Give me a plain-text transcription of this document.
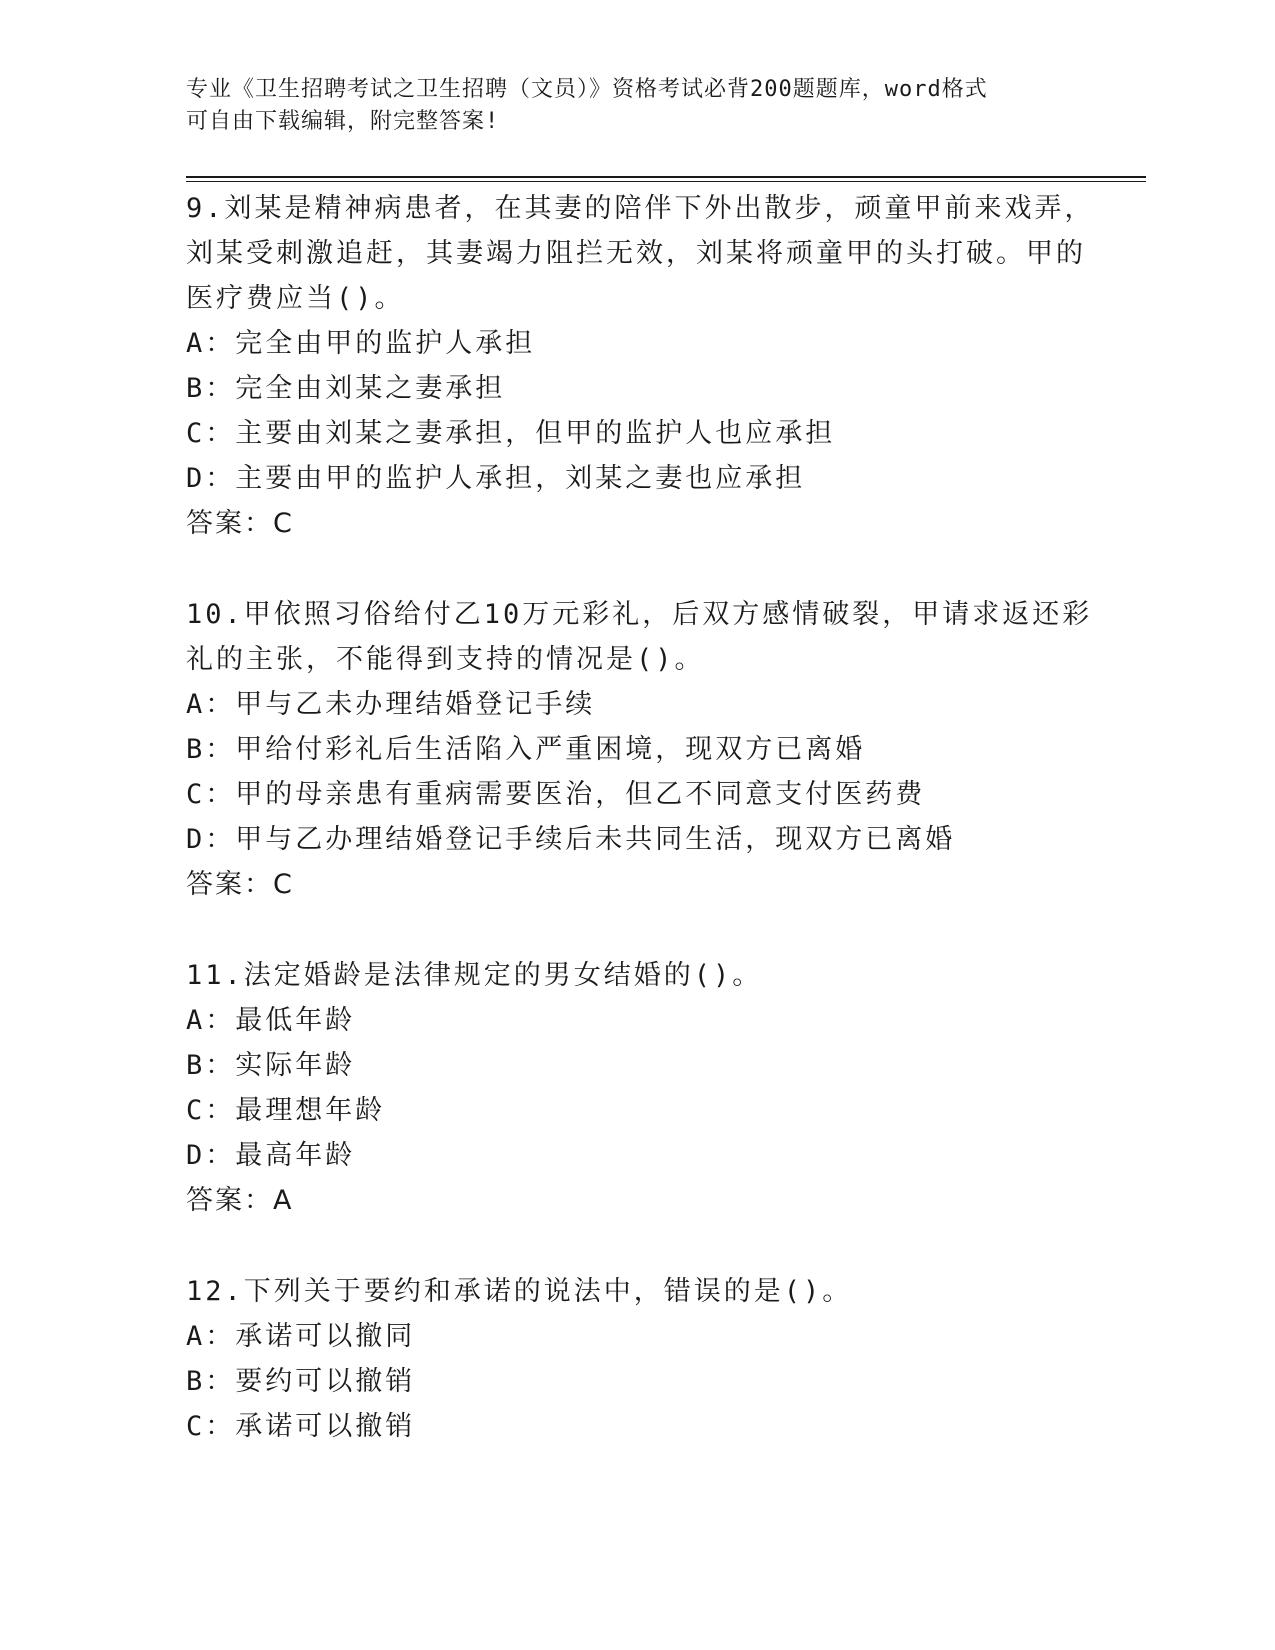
专业《卫生招聘考试之卫生招聘（文员）》资格考试必背200题题库，word格式
可自由下载编辑，附完整答案!
9.刘某是精神病患者，在其妻的陪伴下外出散步，顽童甲前来戏弄，
刘某受刺激追赶，其妻竭力阻拦无效，刘某将顽童甲的头打破。甲的
医疗费应当()。
A：完全由甲的监护人承担
B：完全由刘某之妻承担
C：主要由刘某之妻承担，但甲的监护人也应承担
D：主要由甲的监护人承担，刘某之妻也应承担
答案：C
10.甲依照习俗给付乙10万元彩礼，后双方感情破裂，甲请求返还彩
礼的主张，不能得到支持的情况是()。
A：甲与乙未办理结婚登记手续
B：甲给付彩礼后生活陷入严重困境，现双方已离婚
C：甲的母亲患有重病需要医治，但乙不同意支付医药费
D：甲与乙办理结婚登记手续后未共同生活，现双方已离婚
答案：C
11.法定婚龄是法律规定的男女结婚的()。
A：最低年龄
B：实际年龄
C：最理想年龄
D：最高年龄
答案：A
12.下列关于要约和承诺的说法中，错误的是()。
A：承诺可以撤同
B：要约可以撤销
C：承诺可以撤销
